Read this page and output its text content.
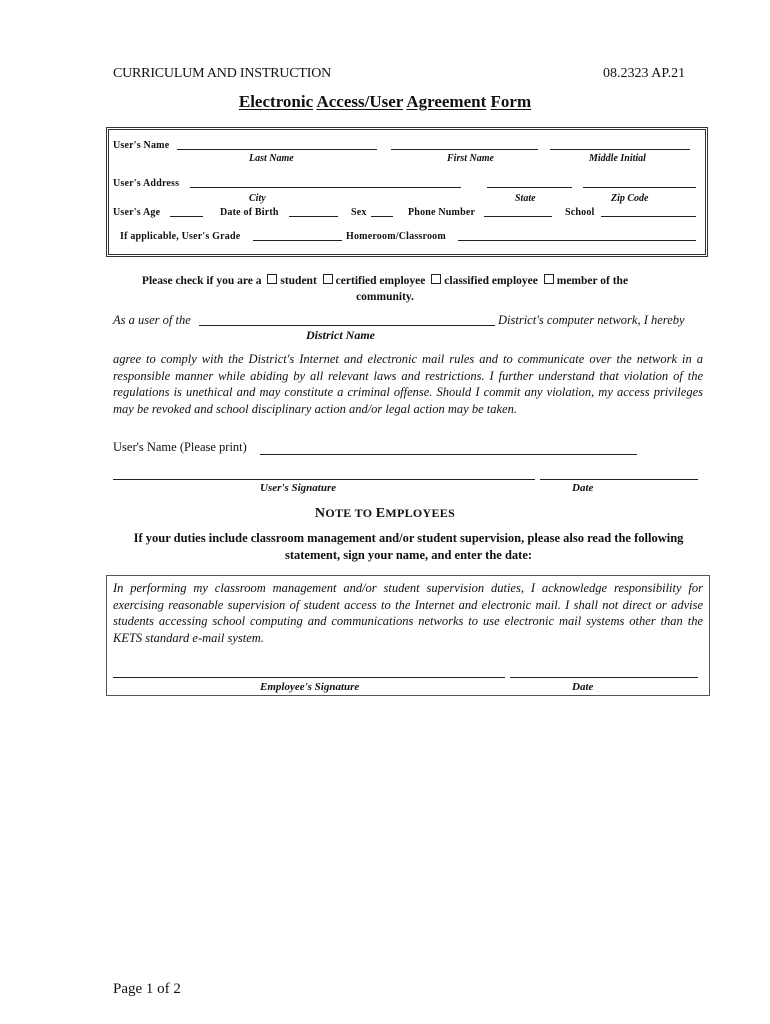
CURRICULUM AND INSTRUCTION	08.2323 AP.21
Electronic Access/User Agreement Form
User's Name
Last Name	First Name	Middle Initial
User's Address
City	State	Zip Code
User's Age	Date of Birth	Sex	Phone Number	School
If applicable, User's Grade	Homeroom/Classroom
Please check if you are a student certified employee classified employee member of the
community.
As a user of the	District's computer network, I hereby
District Name
agree to comply with the District's Internet and electronic mail rules and to communicate over the network in a responsible manner while abiding by all relevant laws and restrictions. I further understand that violation of the regulations is unethical and may constitute a criminal offense. Should I commit any violation, my access privileges may be revoked and school disciplinary action and/or legal action may be taken.
User's Name (Please print)
User's Signature	Date
NOTE TO EMPLOYEES
If your duties include classroom management and/or student supervision, please also read the following statement, sign your name, and enter the date:
In performing my classroom management and/or student supervision duties, I acknowledge responsibility for exercising reasonable supervision of student access to the Internet and electronic mail. I shall not direct or advise students accessing school computing and communications networks to use electronic mail systems other than the KETS standard e-mail system.
Employee's Signature	Date
Page 1 of 2
